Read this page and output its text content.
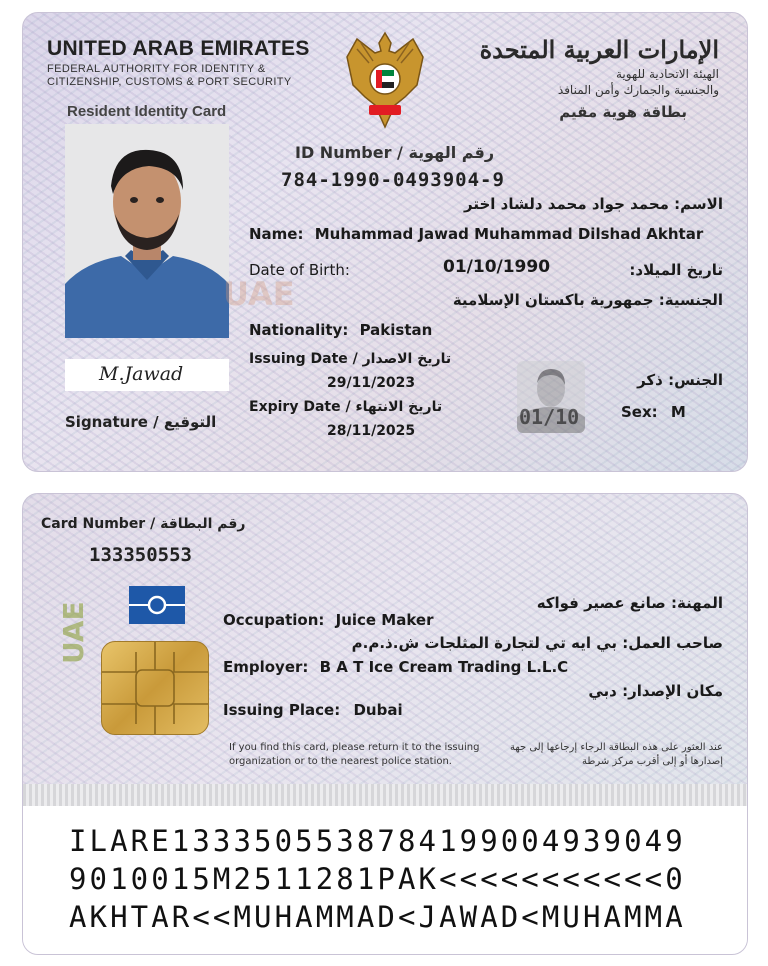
UNITED ARAB EMIRATES
FEDERAL AUTHORITY FOR IDENTITY &
CITIZENSHIP, CUSTOMS & PORT SECURITY
الإمارات العربية المتحدة
الهيئة الاتحادية للهوية
والجنسية والجمارك وأمن المنافذ
Resident Identity Card	بطاقة هوية مقيم
M.Jawad
Signature / التوقيع
ID Number / رقم الهوية
784-1990-0493904-9
الاسم: محمد جواد محمد دلشاد اختر
Name: Muhammad Jawad Muhammad Dilshad Akhtar
Date of Birth:	01/10/1990	تاريخ الميلاد:
الجنسية: جمهورية باكستان الإسلامية
Nationality: Pakistan
UAE
Issuing Date / تاريخ الاصدار
29/11/2023
Expiry Date / تاريخ الانتهاء
28/11/2025
01/10
الجنس: ذكر
Sex: M
Card Number / رقم البطاقة
133350553
UAE	المهنة: صانع عصير فواكه
Occupation: Juice Maker
صاحب العمل: بي ايه تي لتجارة المثلجات ش.ذ.م.م
Employer: B A T Ice Cream Trading L.L.C
مكان الإصدار: دبي
Issuing Place: Dubai
If you find this card, please return it to the issuing
organization or to the nearest police station.
عند العثور على هذه البطاقة الرجاء إرجاعها إلى جهة
إصدارها أو إلى أقرب مركز شرطة
ILARE1333505538784199004939049
9010015M2511281PAK<<<<<<<<<<<0
AKHTAR<<MUHAMMAD<JAWAD<MUHAMMA
